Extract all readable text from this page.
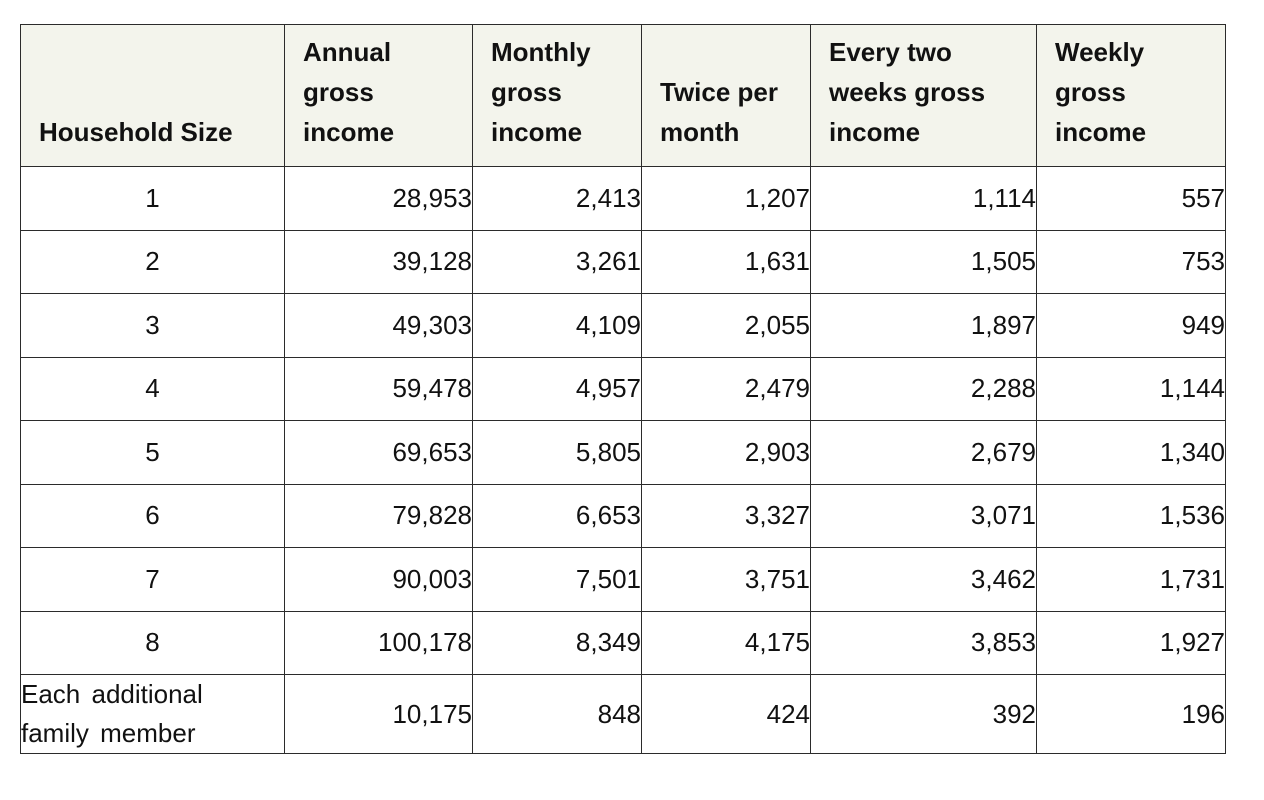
Household Size	Annual
gross
income	Monthly
gross
income	Twice per
month	Every two
weeks gross
income	Weekly
gross
income

1	28,953	2,413	1,207	1,114	557
2	39,128	3,261	1,631	1,505	753
3	49,303	4,109	2,055	1,897	949
4	59,478	4,957	2,479	2,288	1,144
5	69,653	5,805	2,903	2,679	1,340
6	79,828	6,653	3,327	3,071	1,536
7	90,003	7,501	3,751	3,462	1,731
8	100,178	8,349	4,175	3,853	1,927

Each additional
family member	10,175	848	424	392	196
